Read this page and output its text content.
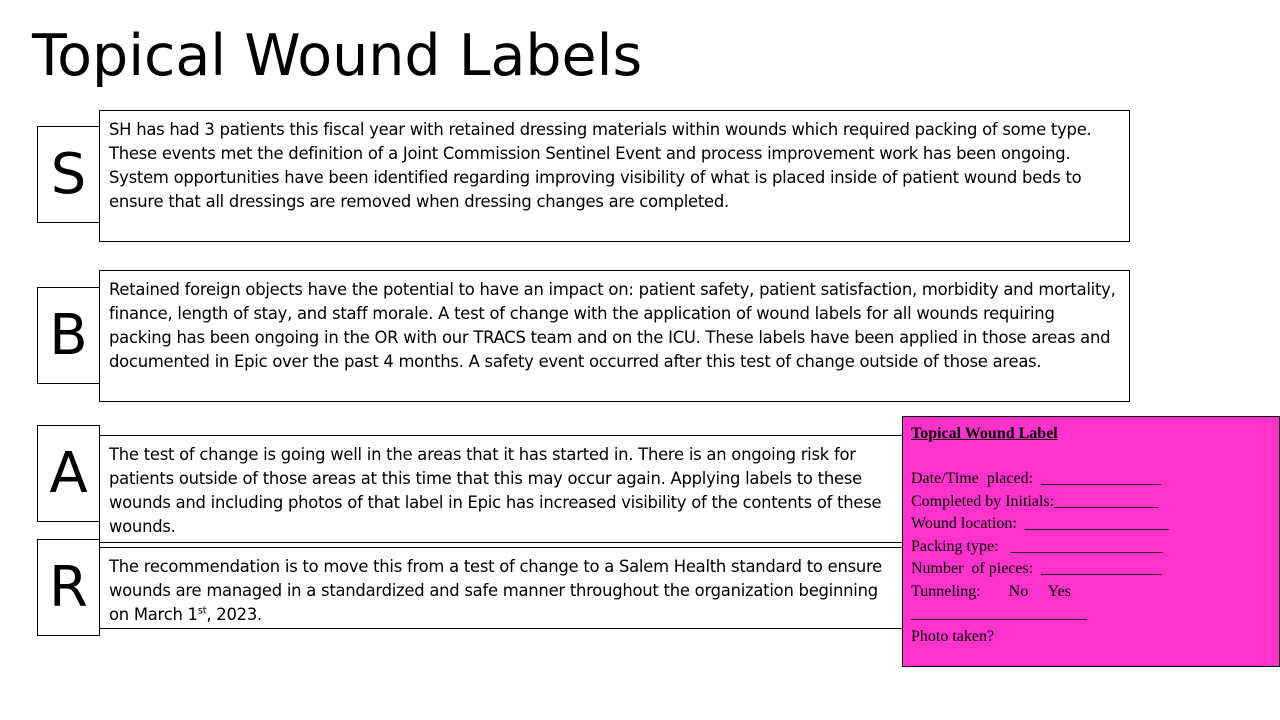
Topical Wound Labels
S

SH has had 3 patients this fiscal year with retained dressing materials within wounds which required packing of some type. These events met the definition of a Joint Commission Sentinel Event and process improvement work has been ongoing. System opportunities have been identified regarding improving visibility of what is placed inside of patient wound beds to ensure that all dressings are removed when dressing changes are completed.

B

Retained foreign objects have the potential to have an impact on: patient safety, patient satisfaction, morbidity and mortality, finance, length of stay, and staff morale. A test of change with the application of wound labels for all wounds requiring packing has been ongoing in the OR with our TRACS team and on the ICU. These labels have been applied in those areas and documented in Epic over the past 4 months. A safety event occurred after this test of change outside of those areas.

A	The test of change is going well in the areas that it has started in. There is an ongoing risk for patients outside of those areas at this time that this may occur again. Applying labels to these wounds and including photos of that label in Epic has increased visibility of the contents of these wounds.

R	The recommendation is to move this from a test of change to a Salem Health standard to ensure wounds are managed in a standardized and safe manner throughout the organization beginning on March 1st, 2023.

Topical Wound Label
Date/Time  placed:  _______________
Completed by Initials:_____________
Wound location:  __________________
Packing type:   ___________________
Number  of pieces:  _______________
Tunneling:       No     Yes
______________________
Photo taken?
